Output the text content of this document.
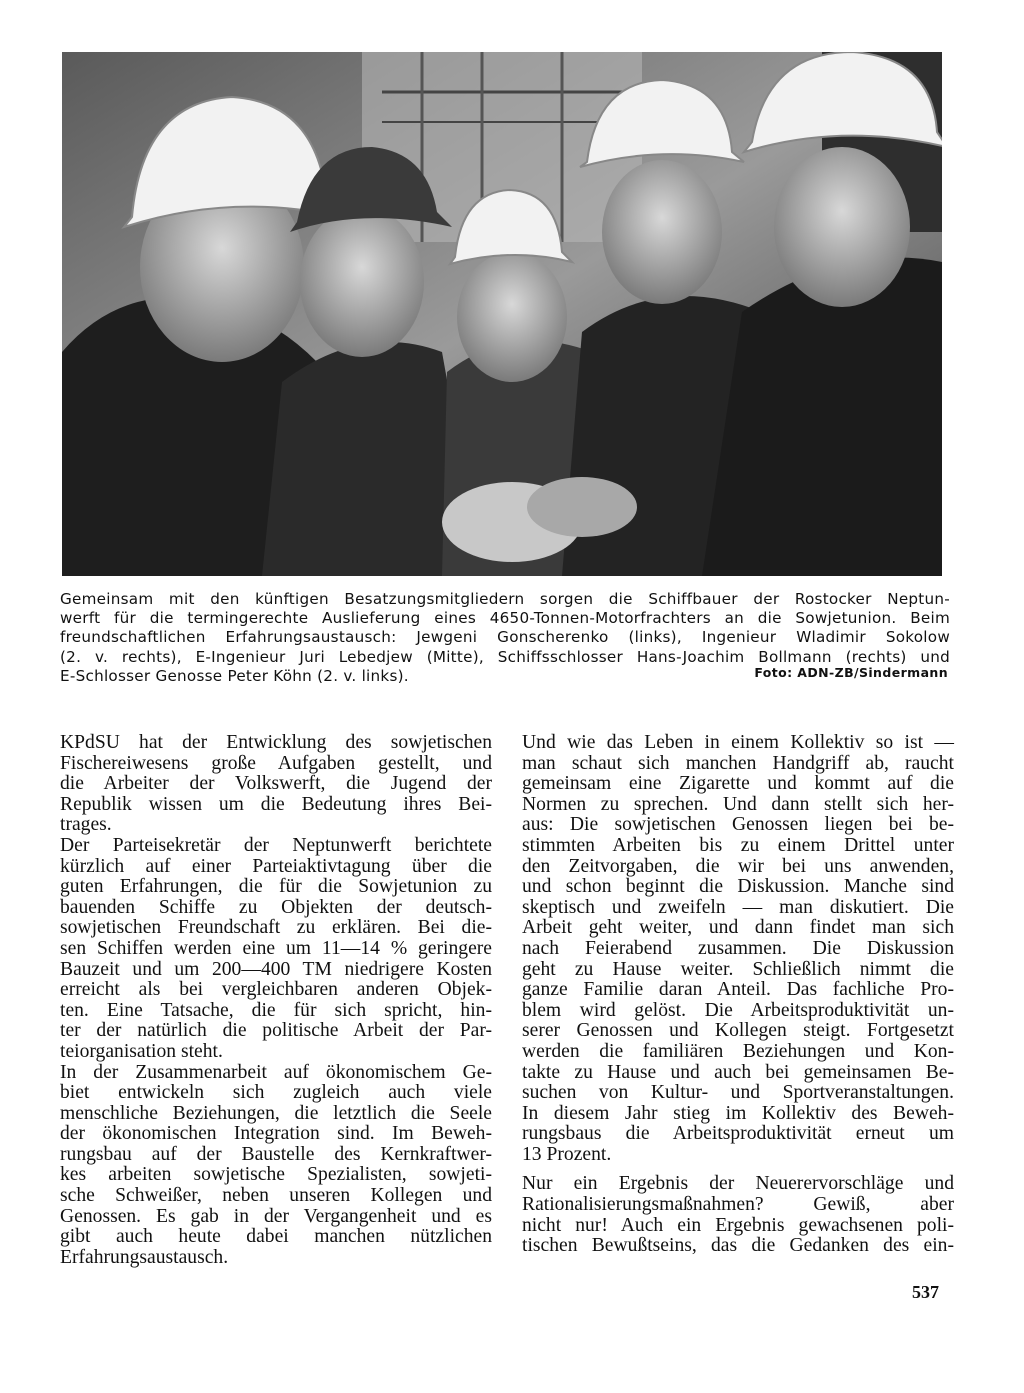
Gemeinsam mit den künftigen Besatzungsmitgliedern sorgen die Schiffbauer der Rostocker Neptun-
werft für die termingerechte Auslieferung eines 4650-Tonnen-Motorfrachters an die Sowjetunion. Beim
freundschaftlichen Erfahrungsaustausch: Jewgeni Gonscherenko (links), Ingenieur Wladimir Sokolow
(2. v. rechts), E-Ingenieur Juri Lebedjew (Mitte), Schiffsschlosser Hans-Joachim Bollmann (rechts) und
E-Schlosser Genosse Peter Köhn (2. v. links).	Foto: ADN-ZB/Sindermann
KPdSU hat der Entwicklung des sowjetischen
Fischereiwesens große Aufgaben gestellt, und
die Arbeiter der Volkswerft, die Jugend der
Republik wissen um die Bedeutung ihres Bei-
trages.
Der Parteisekretär der Neptunwerft berichtete
kürzlich auf einer Parteiaktivtagung über die
guten Erfahrungen, die für die Sowjetunion zu
bauenden Schiffe zu Objekten der deutsch-
sowjetischen Freundschaft zu erklären. Bei die-
sen Schiffen werden eine um 11—14 % geringere
Bauzeit und um 200—400 TM niedrigere Kosten
erreicht als bei vergleichbaren anderen Objek-
ten. Eine Tatsache, die für sich spricht, hin-
ter der natürlich die politische Arbeit der Par-
teiorganisation steht.
In der Zusammenarbeit auf ökonomischem Ge-
biet entwickeln sich zugleich auch viele
menschliche Beziehungen, die letztlich die Seele
der ökonomischen Integration sind. Im Beweh-
rungsbau auf der Baustelle des Kernkraftwer-
kes arbeiten sowjetische Spezialisten, sowjeti-
sche Schweißer, neben unseren Kollegen und
Genossen. Es gab in der Vergangenheit und es
gibt auch heute dabei manchen nützlichen
Erfahrungsaustausch.
Und wie das Leben in einem Kollektiv so ist —
man schaut sich manchen Handgriff ab, raucht
gemeinsam eine Zigarette und kommt auf die
Normen zu sprechen. Und dann stellt sich her-
aus: Die sowjetischen Genossen liegen bei be-
stimmten Arbeiten bis zu einem Drittel unter
den Zeitvorgaben, die wir bei uns anwenden,
und schon beginnt die Diskussion. Manche sind
skeptisch und zweifeln — man diskutiert. Die
Arbeit geht weiter, und dann findet man sich
nach Feierabend zusammen. Die Diskussion
geht zu Hause weiter. Schließlich nimmt die
ganze Familie daran Anteil. Das fachliche Pro-
blem wird gelöst. Die Arbeitsproduktivität un-
serer Genossen und Kollegen steigt. Fortgesetzt
werden die familiären Beziehungen und Kon-
takte zu Hause und auch bei gemeinsamen Be-
suchen von Kultur- und Sportveranstaltungen.
In diesem Jahr stieg im Kollektiv des Beweh-
rungsbaus die Arbeitsproduktivität erneut um
13 Prozent.
Nur ein Ergebnis der Neuerervorschläge und
Rationalisierungsmaßnahmen? Gewiß, aber
nicht nur! Auch ein Ergebnis gewachsenen poli-
tischen Bewußtseins, das die Gedanken des ein-
537
